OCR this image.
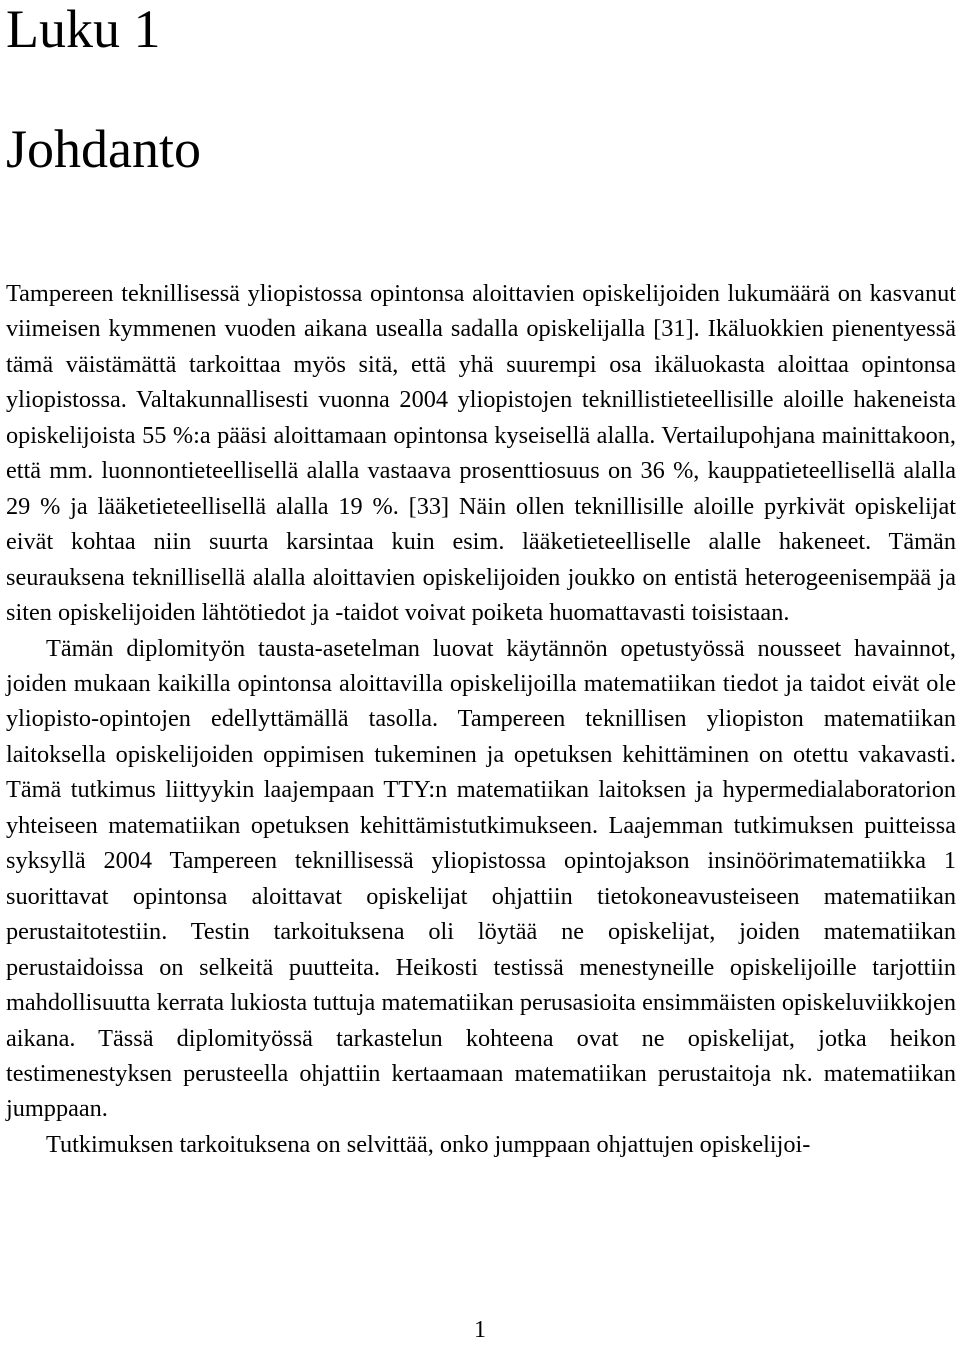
Luku 1
Johdanto

Tampereen teknillisessä yliopistossa opintonsa aloittavien opiskelijoiden lukumäärä on kasvanut viimeisen kymmenen vuoden aikana usealla sadalla opiskelijalla [31]. Ikäluokkien pienentyessä tämä väistämättä tarkoittaa myös sitä, että yhä suurempi osa ikäluokasta aloittaa opintonsa yliopistossa. Valtakunnallisesti vuonna 2004 yliopistojen teknillistieteellisille aloille hakeneista opiskelijoista 55 %:a pääsi aloittamaan opintonsa kyseisellä alalla. Vertailupohjana mainittakoon, että mm. luonnontieteellisellä alalla vastaava prosenttiosuus on 36 %, kauppatieteellisellä alalla 29 % ja lääketieteellisellä alalla 19 %. [33] Näin ollen teknillisille aloille pyrkivät opiskelijat eivät kohtaa niin suurta karsintaa kuin esim. lääketieteelliselle alalle hakeneet. Tämän seurauksena teknillisellä alalla aloittavien opiskelijoiden joukko on entistä heterogeenisempää ja siten opiskelijoiden lähtötiedot ja -taidot voivat poiketa huomattavasti toisistaan.

Tämän diplomityön tausta-asetelman luovat käytännön opetustyössä nousseet havainnot, joiden mukaan kaikilla opintonsa aloittavilla opiskelijoilla matematiikan tiedot ja taidot eivät ole yliopisto-opintojen edellyttämällä tasolla. Tampereen teknillisen yliopiston matematiikan laitoksella opiskelijoiden oppimisen tukeminen ja opetuksen kehittäminen on otettu vakavasti. Tämä tutkimus liittyykin laajempaan TTY:n matematiikan laitoksen ja hypermedialaboratorion yhteiseen matematiikan opetuksen kehittämistutkimukseen. Laajemman tutkimuksen puitteissa syksyllä 2004 Tampereen teknillisessä yliopistossa opintojakson insinöörimatematiikka 1 suorittavat opintonsa aloittavat opiskelijat ohjattiin tietokoneavusteiseen matematiikan perustaitotestiin. Testin tarkoituksena oli löytää ne opiskelijat, joiden matematiikan perustaidoissa on selkeitä puutteita. Heikosti testissä menestyneille opiskelijoille tarjottiin mahdollisuutta kerrata lukiosta tuttuja matematiikan perusasioita ensimmäisten opiskeluviikkojen aikana. Tässä diplomityössä tarkastelun kohteena ovat ne opiskelijat, jotka heikon testimenestyksen perusteella ohjattiin kertaamaan matematiikan perustaitoja nk. matematiikan jumppaan.

Tutkimuksen tarkoituksena on selvittää, onko jumppaan ohjattujen opiskelijoi-

1
